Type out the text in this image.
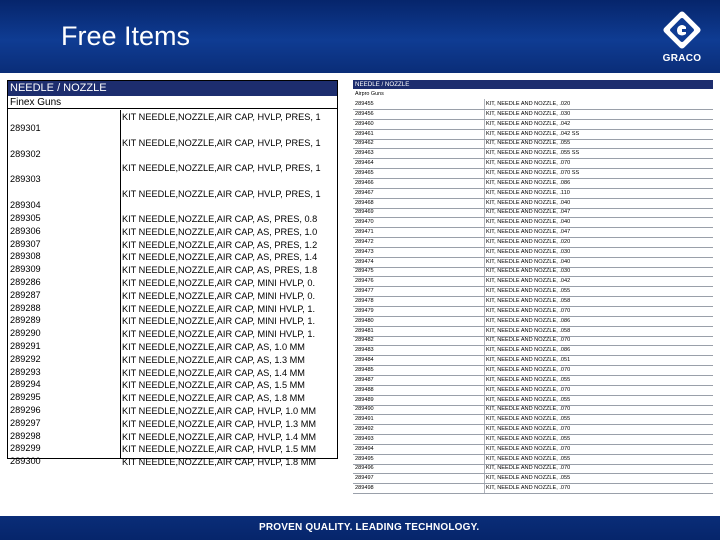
Free Items
GRACO
NEEDLE / NOZZLE
Finex Guns
289301
KIT NEEDLE,NOZZLE,AIR CAP, HVLP, PRES, 1
289302
KIT NEEDLE,NOZZLE,AIR CAP, HVLP, PRES, 1
289303
KIT NEEDLE,NOZZLE,AIR CAP, HVLP, PRES, 1
289304
KIT NEEDLE,NOZZLE,AIR CAP, HVLP, PRES, 1
289305	KIT NEEDLE,NOZZLE,AIR CAP, AS, PRES, 0.8
289306	KIT NEEDLE,NOZZLE,AIR CAP, AS, PRES, 1.0
289307	KIT NEEDLE,NOZZLE,AIR CAP, AS, PRES, 1.2
289308	KIT NEEDLE,NOZZLE,AIR CAP, AS, PRES, 1.4
289309	KIT NEEDLE,NOZZLE,AIR CAP, AS, PRES, 1.8
289286	KIT NEEDLE,NOZZLE,AIR CAP, MINI HVLP, 0.
289287	KIT NEEDLE,NOZZLE,AIR CAP, MINI HVLP, 0.
289288	KIT NEEDLE,NOZZLE,AIR CAP, MINI HVLP, 1.
289289	KIT NEEDLE,NOZZLE,AIR CAP, MINI HVLP, 1.
289290	KIT NEEDLE,NOZZLE,AIR CAP, MINI HVLP, 1.
289291	KIT NEEDLE,NOZZLE,AIR CAP, AS, 1.0 MM
289292	KIT NEEDLE,NOZZLE,AIR CAP, AS, 1.3 MM
289293	KIT NEEDLE,NOZZLE,AIR CAP, AS, 1.4 MM
289294	KIT NEEDLE,NOZZLE,AIR CAP, AS, 1.5 MM
289295	KIT NEEDLE,NOZZLE,AIR CAP, AS, 1.8 MM
289296	KIT NEEDLE,NOZZLE,AIR CAP, HVLP, 1.0 MM
289297	KIT NEEDLE,NOZZLE,AIR CAP, HVLP, 1.3 MM
289298	KIT NEEDLE,NOZZLE,AIR CAP, HVLP, 1.4 MM
289299	KIT NEEDLE,NOZZLE,AIR CAP, HVLP, 1.5 MM
289300	KIT NEEDLE,NOZZLE,AIR CAP, HVLP, 1.8 MM
NEEDLE / NOZZLE
Airpro Guns
289455	KIT, NEEDLE AND NOZZLE, .020
289456	KIT, NEEDLE AND NOZZLE, .030
289460	KIT, NEEDLE AND NOZZLE, .042
289461	KIT, NEEDLE AND NOZZLE, .042 SS
289462	KIT, NEEDLE AND NOZZLE, .055
289463	KIT, NEEDLE AND NOZZLE, .055 SS
289464	KIT, NEEDLE AND NOZZLE, .070
289465	KIT, NEEDLE AND NOZZLE, .070 SS
289466	KIT, NEEDLE AND NOZZLE, .086
289467	KIT, NEEDLE AND NOZZLE, .110
289468	KIT, NEEDLE AND NOZZLE, .040
289469	KIT, NEEDLE AND NOZZLE, .047
289470	KIT, NEEDLE AND NOZZLE, .040
289471	KIT, NEEDLE AND NOZZLE, .047
289472	KIT, NEEDLE AND NOZZLE, .020
289473	KIT, NEEDLE AND NOZZLE, .030
289474	KIT, NEEDLE AND NOZZLE, .040
289475	KIT, NEEDLE AND NOZZLE, .030
289476	KIT, NEEDLE AND NOZZLE, .042
289477	KIT, NEEDLE AND NOZZLE, .055
289478	KIT, NEEDLE AND NOZZLE, .058
289479	KIT, NEEDLE AND NOZZLE, .070
289480	KIT, NEEDLE AND NOZZLE, .086
289481	KIT, NEEDLE AND NOZZLE, .058
289482	KIT, NEEDLE AND NOZZLE, .070
289483	KIT, NEEDLE AND NOZZLE, .086
289484	KIT, NEEDLE AND NOZZLE, .051
289485	KIT, NEEDLE AND NOZZLE, .070
289487	KIT, NEEDLE AND NOZZLE, .055
289488	KIT, NEEDLE AND NOZZLE, .070
289489	KIT, NEEDLE AND NOZZLE, .055
289490	KIT, NEEDLE AND NOZZLE, .070
289491	KIT, NEEDLE AND NOZZLE, .055
289492	KIT, NEEDLE AND NOZZLE, .070
289493	KIT, NEEDLE AND NOZZLE, .055
289494	KIT, NEEDLE AND NOZZLE, .070
289495	KIT, NEEDLE AND NOZZLE, .055
289496	KIT, NEEDLE AND NOZZLE, .070
289497	KIT, NEEDLE AND NOZZLE, .055
289498	KIT, NEEDLE AND NOZZLE, .070
PROVEN QUALITY. LEADING TECHNOLOGY.
